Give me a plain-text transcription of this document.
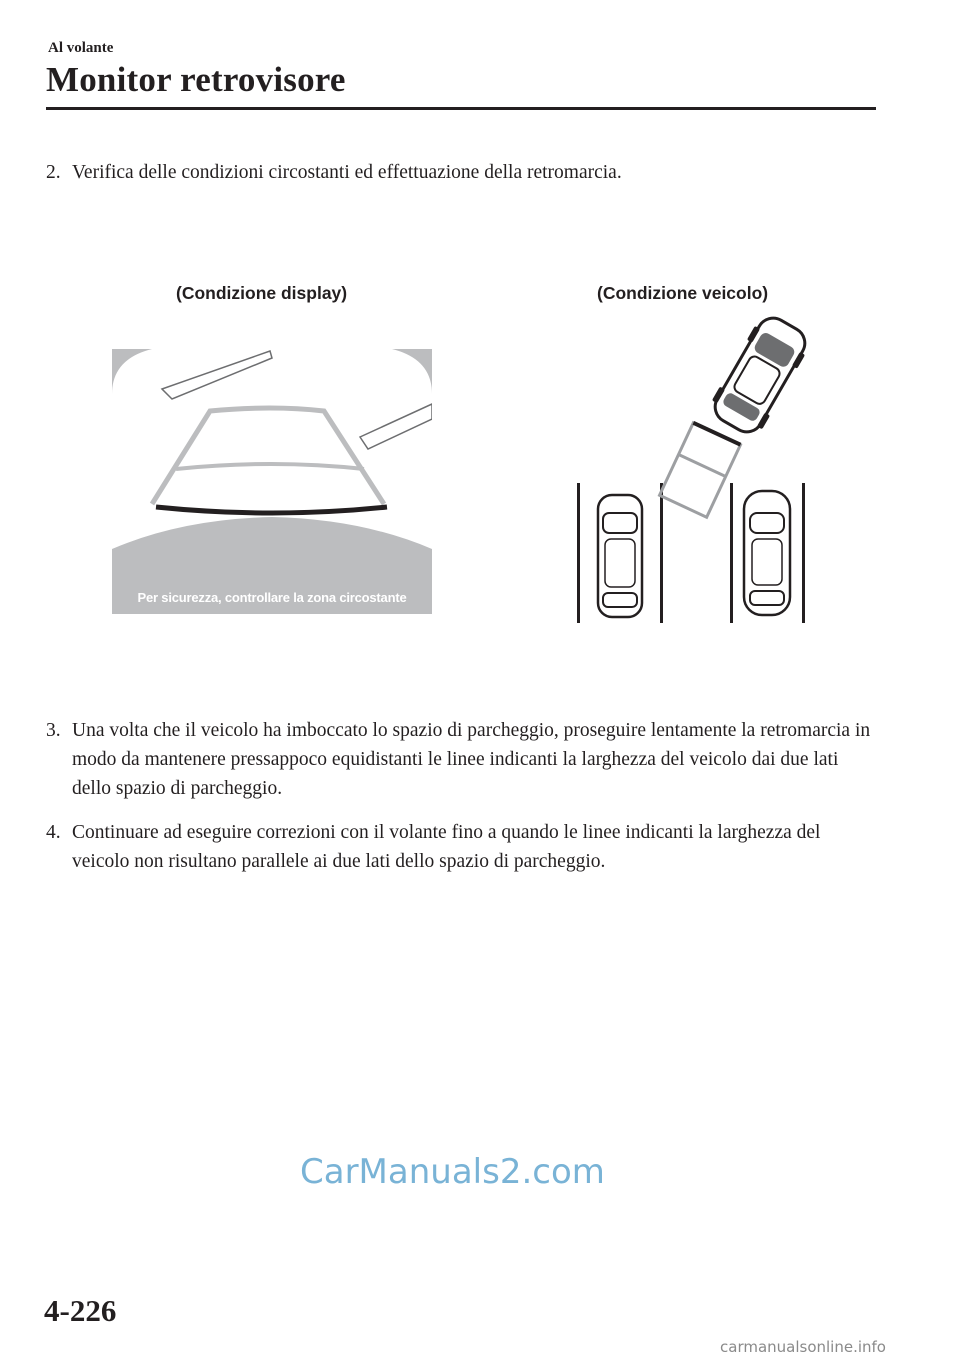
Al volante
Monitor retrovisore
2. Verifica delle condizioni circostanti ed effettuazione della retromarcia.
(Condizione display)	(Condizione veicolo)
Per sicurezza, controllare la zona circostante
3. Una volta che il veicolo ha imboccato lo spazio di parcheggio, proseguire lentamente la retromarcia in modo da mantenere pressappoco equidistanti le linee indicanti la larghezza del veicolo dai due lati dello spazio di parcheggio.
4. Continuare ad eseguire correzioni con il volante fino a quando le linee indicanti la larghezza del veicolo non risultano parallele ai due lati dello spazio di parcheggio.
CarManuals2.com
4-226
carmanualsonline.info
